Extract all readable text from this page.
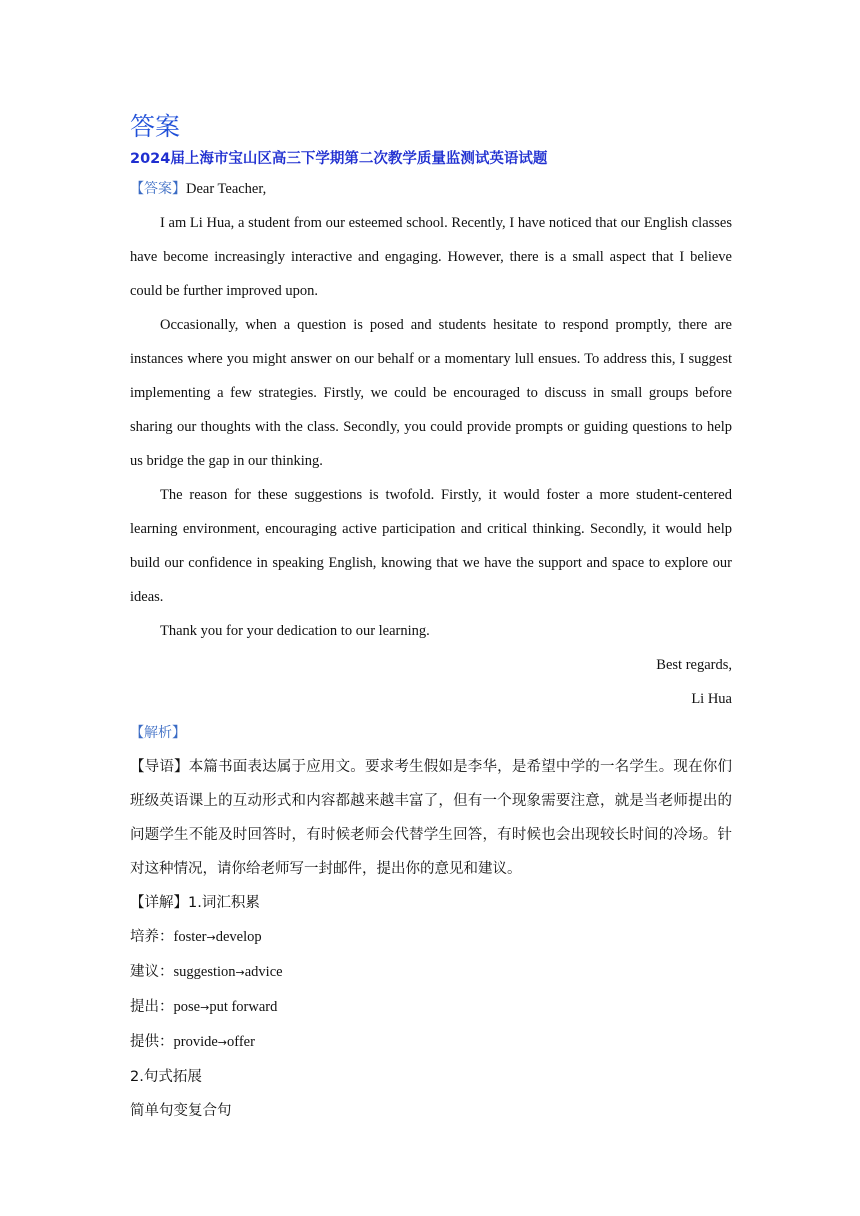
答案

2024届上海市宝山区高三下学期第二次教学质量监测试英语试题

【答案】Dear Teacher,

I am Li Hua, a student from our esteemed school. Recently, I have noticed that our English classes have become increasingly interactive and engaging. However, there is a small aspect that I believe could be further improved upon.

Occasionally, when a question is posed and students hesitate to respond promptly, there are instances where you might answer on our behalf or a momentary lull ensues. To address this, I suggest implementing a few strategies. Firstly, we could be encouraged to discuss in small groups before sharing our thoughts with the class. Secondly, you could provide prompts or guiding questions to help us bridge the gap in our thinking.

The reason for these suggestions is twofold. Firstly, it would foster a more student-centered learning environment, encouraging active participation and critical thinking. Secondly, it would help build our confidence in speaking English, knowing that we have the support and space to explore our ideas.

Thank you for your dedication to our learning.

Best regards,

Li Hua

【解析】

【导语】本篇书面表达属于应用文。要求考生假如是李华，是希望中学的一名学生。现在你们班级英语课上的互动形式和内容都越来越丰富了，但有一个现象需要注意，就是当老师提出的问题学生不能及时回答时，有时候老师会代替学生回答，有时候也会出现较长时间的冷场。针对这种情况，请你给老师写一封邮件，提出你的意见和建议。

【详解】1.词汇积累

培养：foster→develop

建议：suggestion→advice

提出：pose→put forward

提供：provide→offer

2.句式拓展

简单句变复合句
